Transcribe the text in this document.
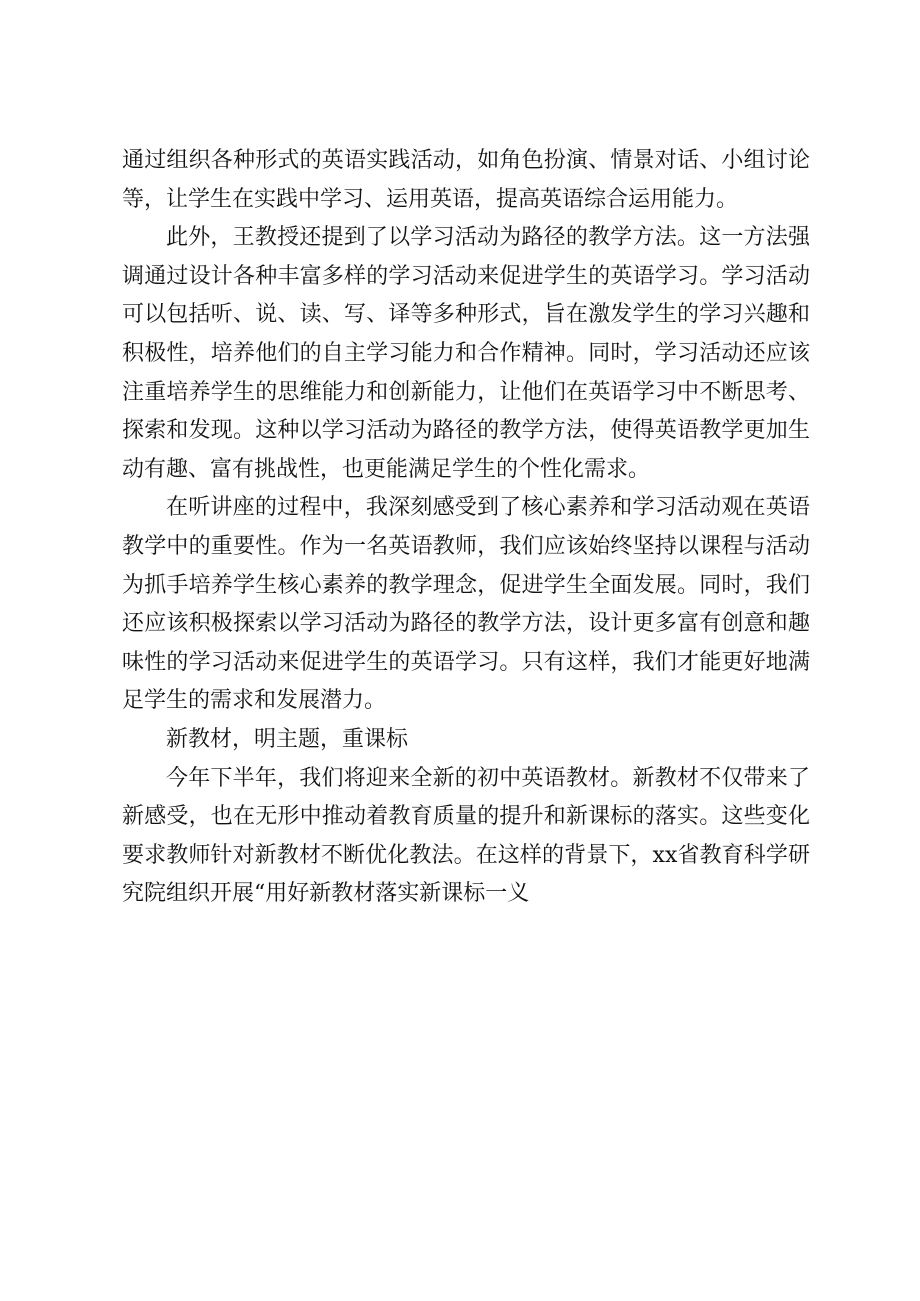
通过组织各种形式的英语实践活动，如角色扮演、情景对话、小组讨论等，让学生在实践中学习、运用英语，提高英语综合运用能力。

此外，王教授还提到了以学习活动为路径的教学方法。这一方法强调通过设计各种丰富多样的学习活动来促进学生的英语学习。学习活动可以包括听、说、读、写、译等多种形式，旨在激发学生的学习兴趣和积极性，培养他们的自主学习能力和合作精神。同时，学习活动还应该注重培养学生的思维能力和创新能力，让他们在英语学习中不断思考、探索和发现。这种以学习活动为路径的教学方法，使得英语教学更加生动有趣、富有挑战性，也更能满足学生的个性化需求。

在听讲座的过程中，我深刻感受到了核心素养和学习活动观在英语教学中的重要性。作为一名英语教师，我们应该始终坚持以课程与活动为抓手培养学生核心素养的教学理念，促进学生全面发展。同时，我们还应该积极探索以学习活动为路径的教学方法，设计更多富有创意和趣味性的学习活动来促进学生的英语学习。只有这样，我们才能更好地满足学生的需求和发展潜力。

新教材，明主题，重课标

今年下半年，我们将迎来全新的初中英语教材。新教材不仅带来了新感受，也在无形中推动着教育质量的提升和新课标的落实。这些变化要求教师针对新教材不断优化教法。在这样的背景下，xx省教育科学研究院组织开展“用好新教材落实新课标一义
